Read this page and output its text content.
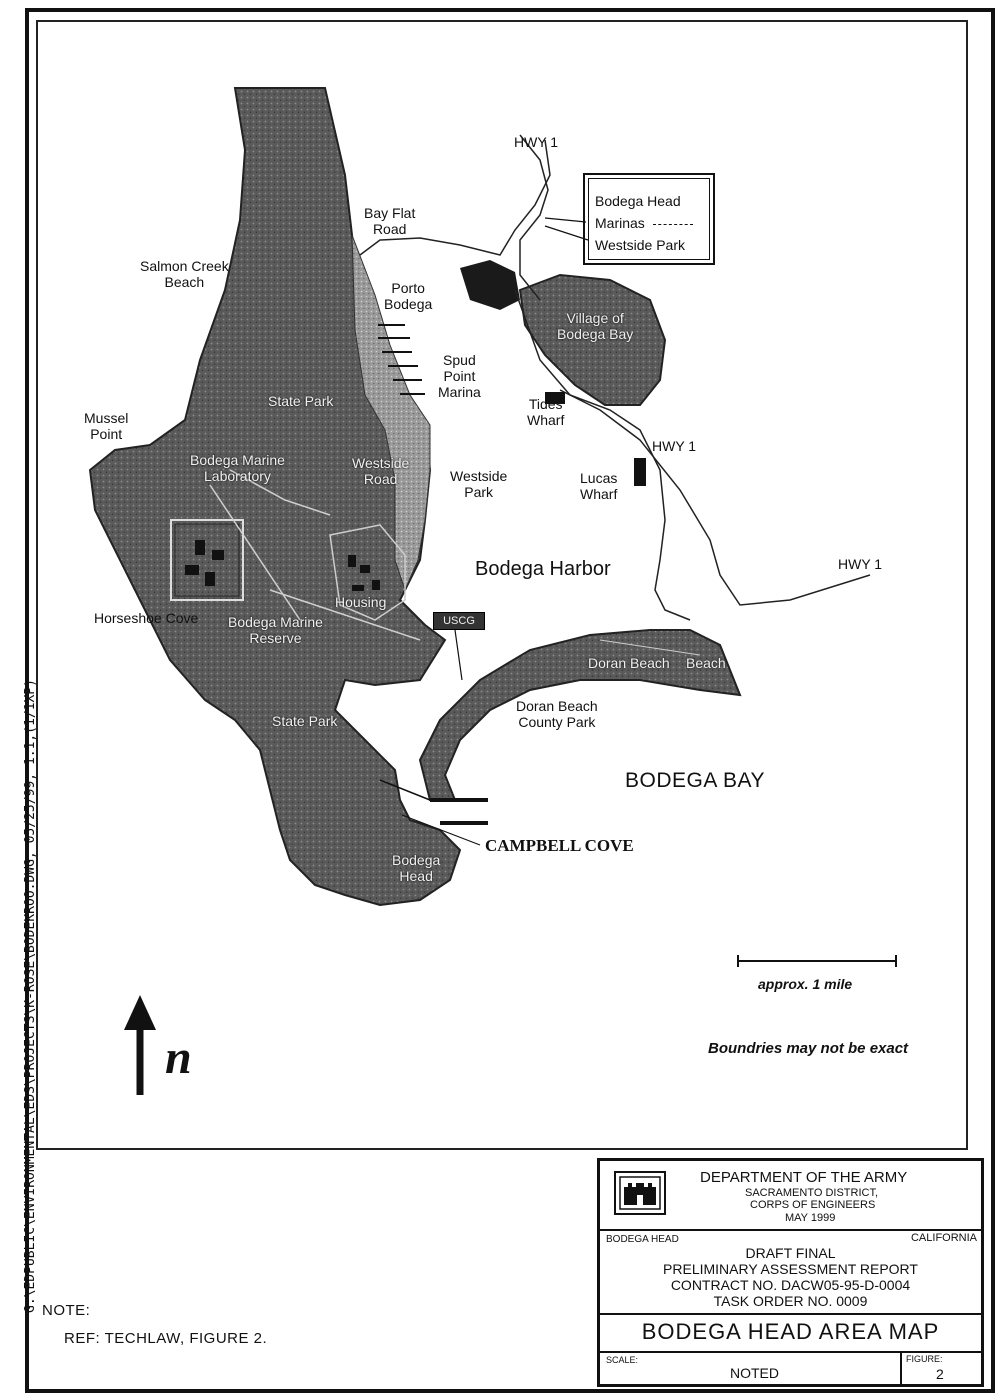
G:\EDPUBLIC\ENVIRONMENTAL\EDS\PROJECTS\K-ROSE\BODEKROO.DWG, 05/25/99, 1:1,(1/1XP)
HWY 1
Bay Flat
Road
Salmon Creek
Beach	Porto
Bodega
Village of
Bodega Bay
Spud
Point
Marina
Tides
Wharf
HWY 1
State Park
Mussel
Point
Bodega Marine
Laboratory
Westside
Road	Westside
Park
Lucas
Wharf
HWY 1
Bodega Harbor
Housing
Horseshoe Cove Bodega Marine
Reserve
USCG
Doran Beach Beach
Doran Beach
County Park
State Park
BODEGA BAY
CAMPBELL COVE
Bodega
Head
Bodega Head
Marinas
Westside Park
approx. 1 mile
Boundries may not be exact
n
DEPARTMENT OF THE ARMY
SACRAMENTO DISTRICT,
CORPS OF ENGINEERS
MAY 1999
BODEGA HEAD	CALIFORNIA
DRAFT FINAL
PRELIMINARY ASSESSMENT REPORT
CONTRACT NO. DACW05-95-D-0004
TASK ORDER NO. 0009
BODEGA HEAD AREA MAP
SCALE:
NOTED
FIGURE:
2
NOTE:
REF: TECHLAW, FIGURE 2.
